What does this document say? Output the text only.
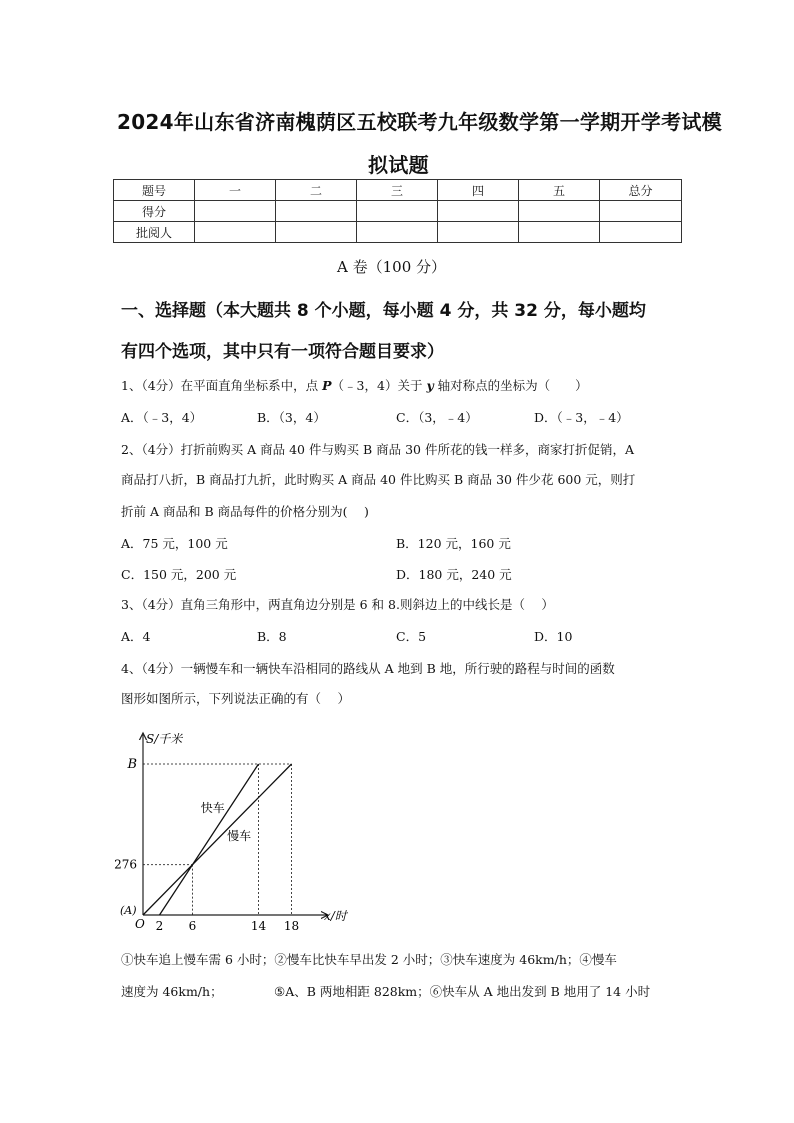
2024年山东省济南槐荫区五校联考九年级数学第一学期开学考试模
拟试题
题号	一	二	三	四	五	总分
得分						
批阅人						
A 卷（100 分）
一、选择题（本大题共 8 个小题，每小题 4 分，共 32 分，每小题均
有四个选项，其中只有一项符合题目要求）
1、（4分）在平面直角坐标系中，点 P（﹣3，4）关于 y 轴对称点的坐标为（　　）
A．（﹣3，4）	B．（3，4）	C．（3，﹣4）	D．（﹣3，﹣4）
2、（4分）打折前购买 A 商品 40 件与购买 B 商品 30 件所花的钱一样多，商家打折促销，A
商品打八折，B 商品打九折，此时购买 A 商品 40 件比购买 B 商品 30 件少花 600 元，则打
折前 A 商品和 B 商品每件的价格分别为(　 )
A．75 元，100 元	B．120 元，160 元
C．150 元，200 元	D．180 元，240 元
3、（4分）直角三角形中，两直角边分别是 6 和 8.则斜边上的中线长是（　 ）
A．4	B．8	C．5	D．10
4、（4分）一辆慢车和一辆快车沿相同的路线从 A 地到 B 地，所行驶的路程与时间的函数
图形如图所示，下列说法正确的有（　 ）
2 6	14 18
276
B
S/千米
x/时
O
(A)
快车
慢车
①快车追上慢车需 6 小时；②慢车比快车早出发 2 小时；③快车速度为 46km/h；④慢车
速度为 46km/h；	⑤A、B 两地相距 828km；⑥快车从 A 地出发到 B 地用了 14 小时
